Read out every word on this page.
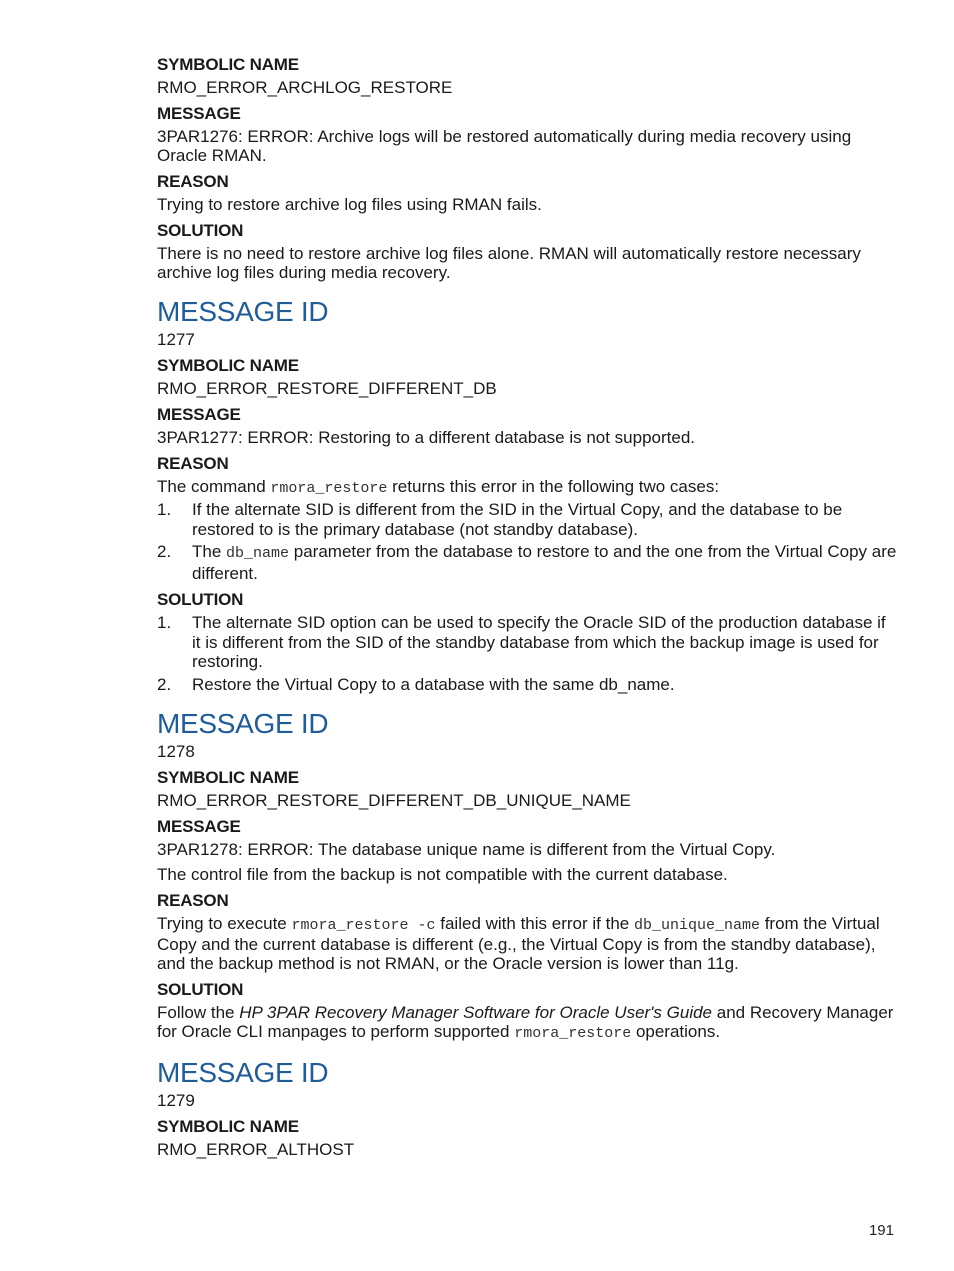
SYMBOLIC NAME

RMO_ERROR_ARCHLOG_RESTORE

MESSAGE

3PAR1276: ERROR: Archive logs will be restored automatically during media recovery using Oracle RMAN.

REASON

Trying to restore archive log files using RMAN fails.

SOLUTION

There is no need to restore archive log files alone. RMAN will automatically restore necessary archive log files during media recovery.

MESSAGE ID

1277

SYMBOLIC NAME

RMO_ERROR_RESTORE_DIFFERENT_DB

MESSAGE

3PAR1277: ERROR: Restoring to a different database is not supported.

REASON

The command rmora_restore returns this error in the following two cases:

1. If the alternate SID is different from the SID in the Virtual Copy, and the database to be restored to is the primary database (not standby database).
2. The db_name parameter from the database to restore to and the one from the Virtual Copy are different.

SOLUTION

1. The alternate SID option can be used to specify the Oracle SID of the production database if it is different from the SID of the standby database from which the backup image is used for restoring.
2. Restore the Virtual Copy to a database with the same db_name.
MESSAGE ID

1278

SYMBOLIC NAME

RMO_ERROR_RESTORE_DIFFERENT_DB_UNIQUE_NAME

MESSAGE

3PAR1278: ERROR: The database unique name is different from the Virtual Copy.

The control file from the backup is not compatible with the current database.

REASON

Trying to execute rmora_restore -c failed with this error if the db_unique_name from the Virtual Copy and the current database is different (e.g., the Virtual Copy is from the standby database), and the backup method is not RMAN, or the Oracle version is lower than 11g.

SOLUTION

Follow the HP 3PAR Recovery Manager Software for Oracle User's Guide and Recovery Manager for Oracle CLI manpages to perform supported rmora_restore operations.

MESSAGE ID

1279

SYMBOLIC NAME

RMO_ERROR_ALTHOST

191
